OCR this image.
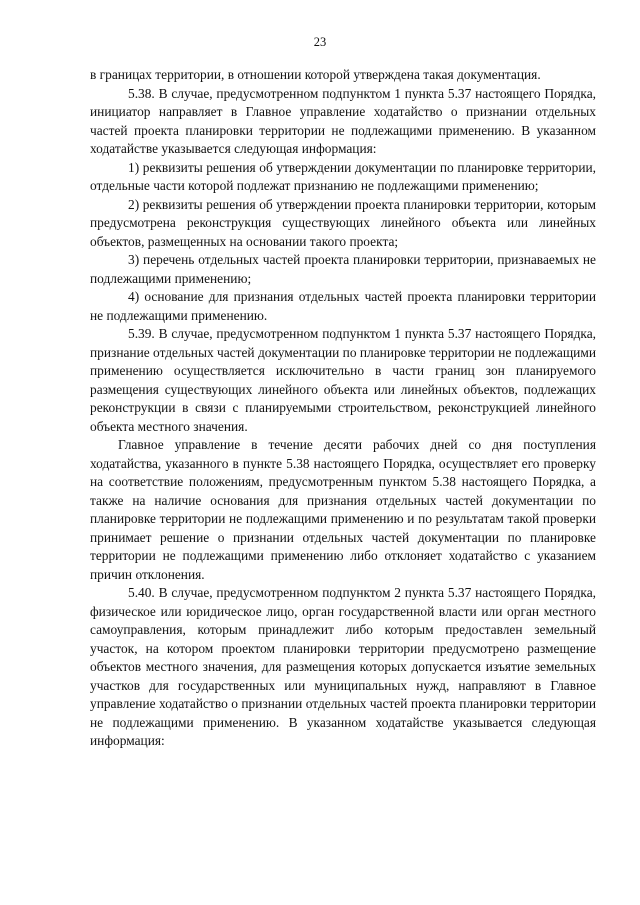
23

в границах территории, в отношении которой утверждена такая документация.

5.38. В случае, предусмотренном подпунктом 1 пункта 5.37 настоящего Порядка, инициатор направляет в Главное управление ходатайство о признании отдельных частей проекта планировки территории не подлежащими применению. В указанном ходатайстве указывается следующая информация:

1) реквизиты решения об утверждении документации по планировке территории, отдельные части которой подлежат признанию не подлежащими применению;

2) реквизиты решения об утверждении проекта планировки территории, которым предусмотрена реконструкция существующих линейного объекта или линейных объектов, размещенных на основании такого проекта;

3) перечень отдельных частей проекта планировки территории, признаваемых не подлежащими применению;

4) основание для признания отдельных частей проекта планировки территории не подлежащими применению.

5.39. В случае, предусмотренном подпунктом 1 пункта 5.37 настоящего Порядка, признание отдельных частей документации по планировке территории не подлежащими применению осуществляется исключительно в части границ зон планируемого размещения существующих линейного объекта или линейных объектов, подлежащих реконструкции в связи с планируемыми строительством, реконструкцией линейного объекта местного значения.

Главное управление в течение десяти рабочих дней со дня поступления ходатайства, указанного в пункте 5.38 настоящего Порядка, осуществляет его проверку на соответствие положениям, предусмотренным пунктом 5.38 настоящего Порядка, а также на наличие основания для признания отдельных частей документации по планировке территории не подлежащими применению и по результатам такой проверки принимает решение о признании отдельных частей документации по планировке территории не подлежащими применению либо отклоняет ходатайство с указанием причин отклонения.

5.40. В случае, предусмотренном подпунктом 2 пункта 5.37 настоящего Порядка, физическое или юридическое лицо, орган государственной власти или орган местного самоуправления, которым принадлежит либо которым предоставлен земельный участок, на котором проектом планировки территории предусмотрено размещение объектов местного значения, для размещения которых допускается изъятие земельных участков для государственных или муниципальных нужд, направляют в Главное управление ходатайство о признании отдельных частей проекта планировки территории не подлежащими применению. В указанном ходатайстве указывается следующая информация:
